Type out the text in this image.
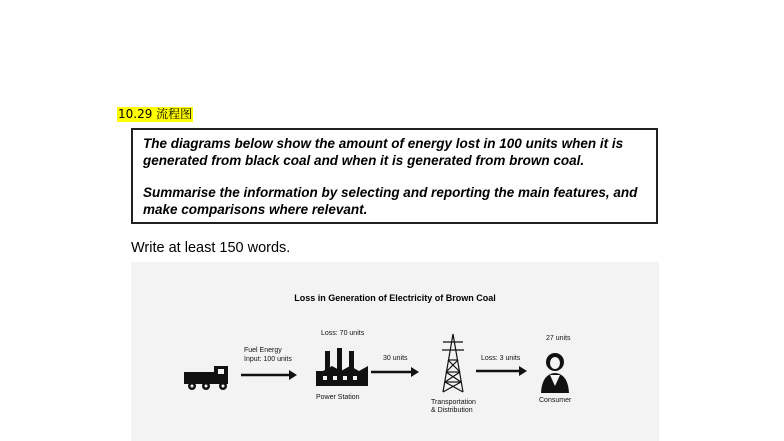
10.29 流程图

The diagrams below show the amount of energy lost in 100 units when it is generated from black coal and when it is generated from brown coal.

Summarise the information by selecting and reporting the main features, and make comparisons where relevant.

Write at least 150 words.
Loss in Generation of Electricity of Brown Coal
Fuel Energy
Input: 100 units
Loss: 70 units
Power Station
30 units
Transportation
& Distribution
Loss: 3 units
27 units
Consumer
